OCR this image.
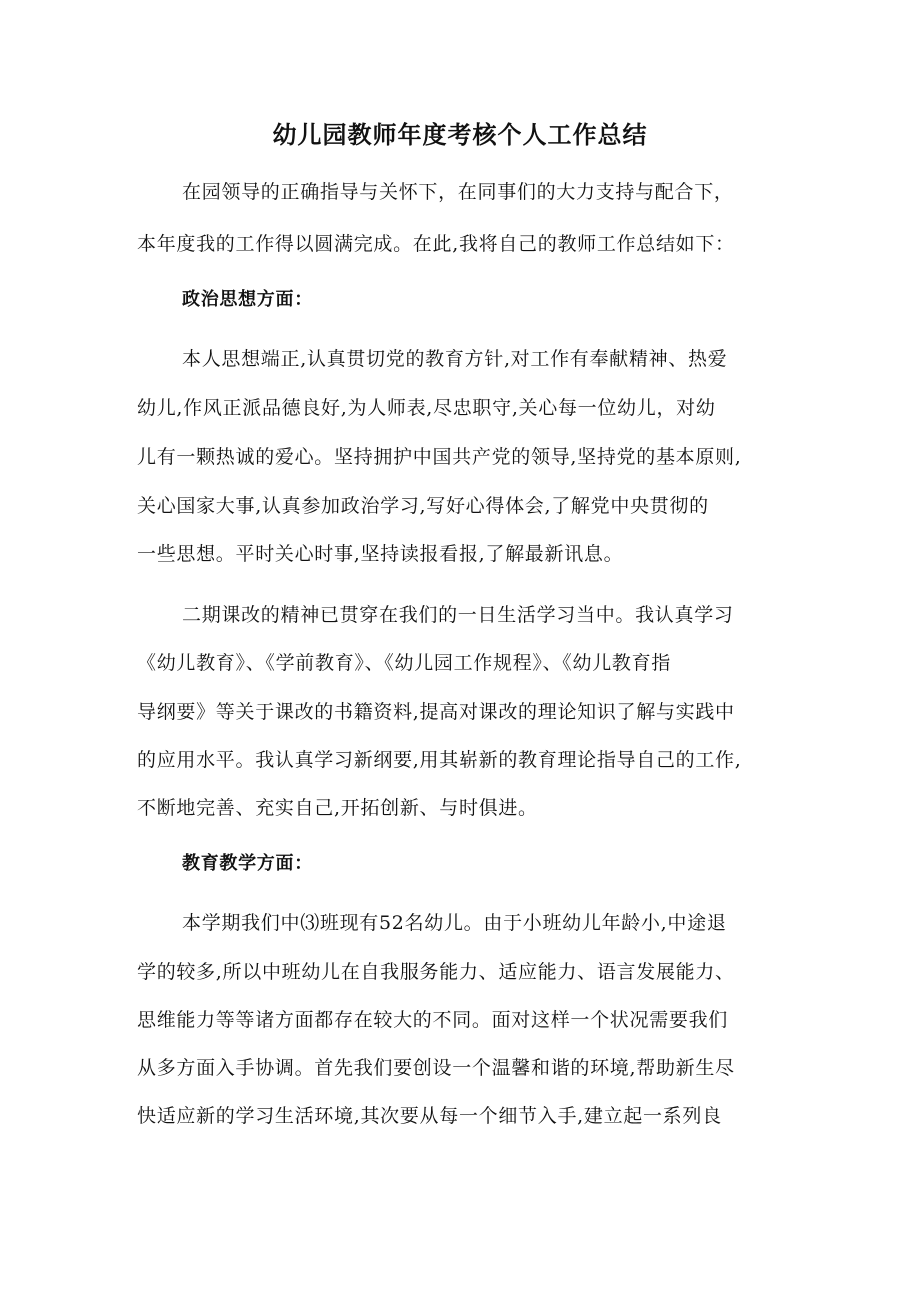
幼儿园教师年度考核个人工作总结
在园领导的正确指导与关怀下，在同事们的大力支持与配合下，
本年度我的工作得以圆满完成。在此,我将自己的教师工作总结如下：
政治思想方面：
本人思想端正,认真贯切党的教育方针,对工作有奉献精神、热爱
幼儿,作风正派品德良好,为人师表,尽忠职守,关心每一位幼儿，对幼
儿有一颗热诚的爱心。坚持拥护中国共产党的领导,坚持党的基本原则,
关心国家大事,认真参加政治学习,写好心得体会,了解党中央贯彻的
一些思想。平时关心时事,坚持读报看报,了解最新讯息。
二期课改的精神已贯穿在我们的一日生活学习当中。我认真学习
《幼儿教育》、《学前教育》、《幼儿园工作规程》、《幼儿教育指
导纲要》等关于课改的书籍资料,提高对课改的理论知识了解与实践中
的应用水平。我认真学习新纲要,用其崭新的教育理论指导自己的工作,
不断地完善、充实自己,开拓创新、与时俱进。
教育教学方面：
本学期我们中⑶班现有52名幼儿。由于小班幼儿年龄小,中途退
学的较多,所以中班幼儿在自我服务能力、适应能力、语言发展能力、
思维能力等等诸方面都存在较大的不同。面对这样一个状况需要我们
从多方面入手协调。首先我们要创设一个温馨和谐的环境,帮助新生尽
快适应新的学习生活环境,其次要从每一个细节入手,建立起一系列良
